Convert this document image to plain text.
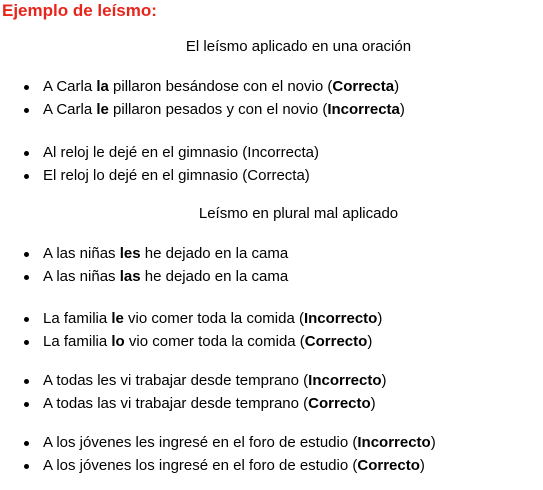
Ejemplo de leísmo:
El leísmo aplicado en una oración
A Carla la pillaron besándose con el novio (Correcta)
A Carla le pillaron pesados y con el novio (Incorrecta)
Al reloj le dejé en el gimnasio (Incorrecta)
El reloj lo dejé en el gimnasio (Correcta)
Leísmo en plural mal aplicado
A las niñas les he dejado en la cama
A las niñas las he dejado en la cama
La familia le vio comer toda la comida (Incorrecto)
La familia lo vio comer toda la comida (Correcto)
A todas les vi trabajar desde temprano (Incorrecto)
A todas las vi trabajar desde temprano (Correcto)
A los jóvenes les ingresé en el foro de estudio (Incorrecto)
A los jóvenes los ingresé en el foro de estudio (Correcto)
